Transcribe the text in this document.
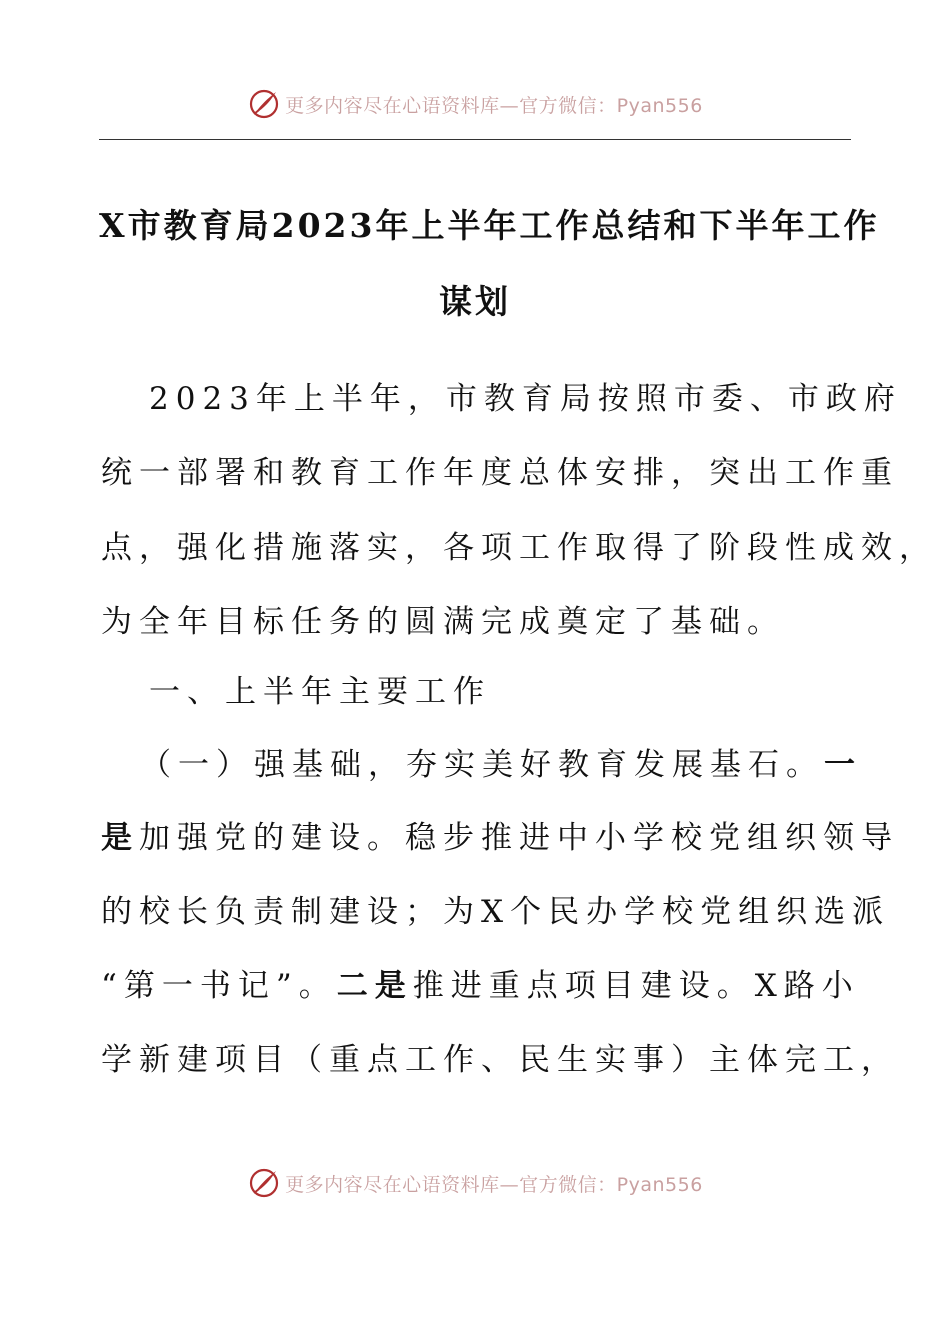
更多内容尽在心语资料库—官方微信：Pyan556
X市教育局2023年上半年工作总结和下半年工作
谋划
2023年上半年，市教育局按照市委、市政府
统一部署和教育工作年度总体安排，突出工作重
点，强化措施落实，各项工作取得了阶段性成效，
为全年目标任务的圆满完成奠定了基础。
一、上半年主要工作
（一）强基础，夯实美好教育发展基石。一
是加强党的建设。稳步推进中小学校党组织领导
的校长负责制建设；为X个民办学校党组织选派
“第一书记”。二是推进重点项目建设。X路小
学新建项目（重点工作、民生实事）主体完工，
更多内容尽在心语资料库—官方微信：Pyan556
